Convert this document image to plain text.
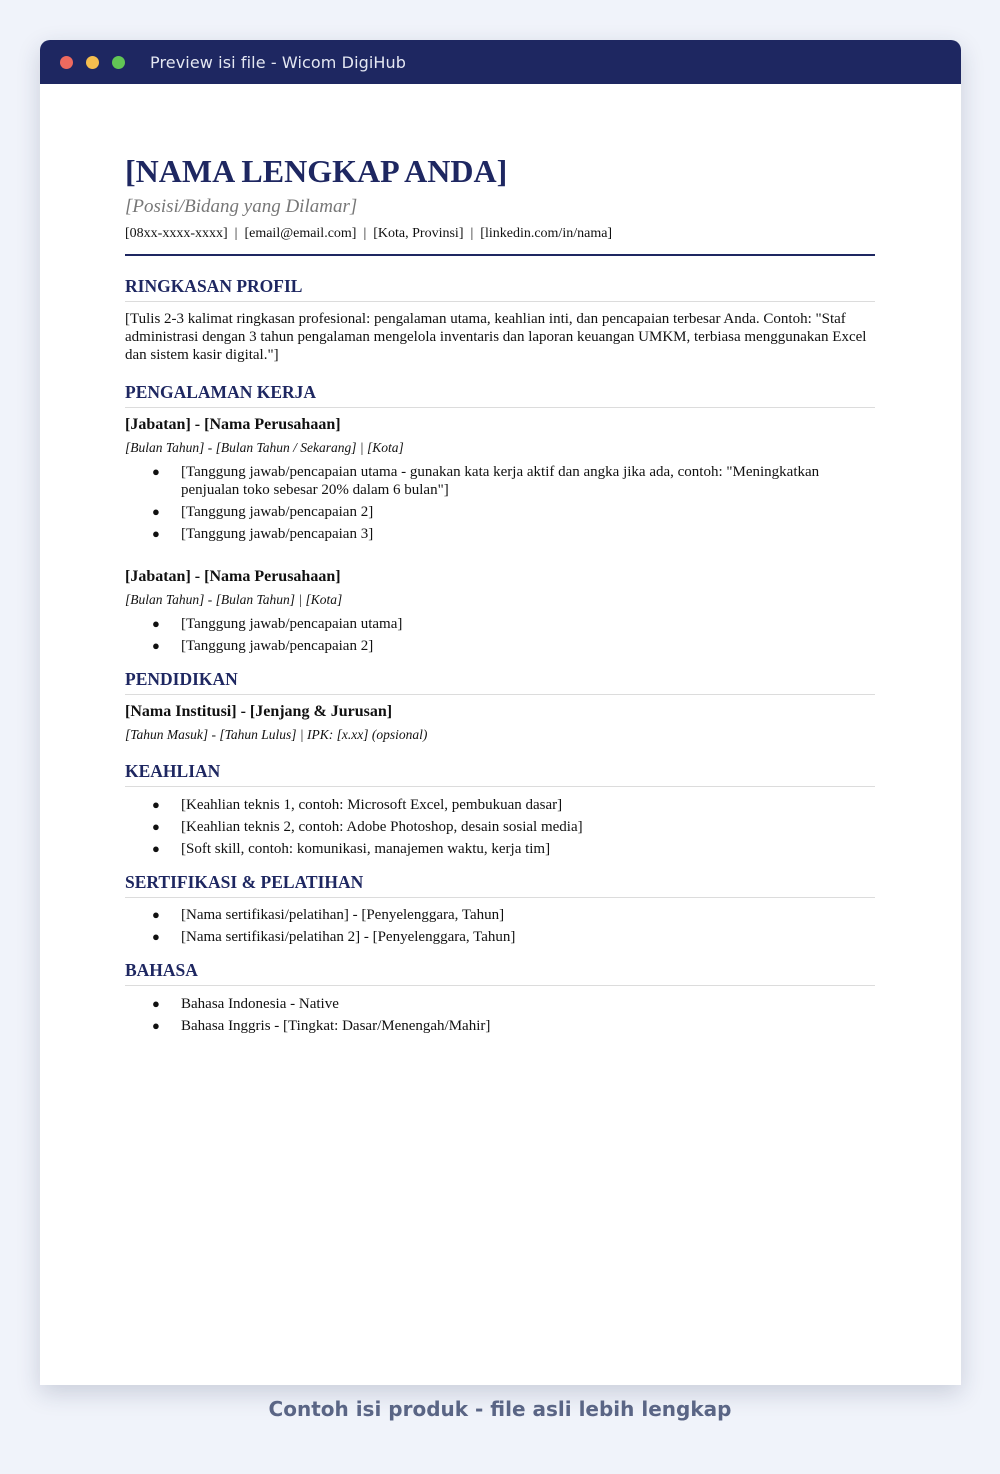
Preview isi file - Wicom DigiHub
[NAMA LENGKAP ANDA]
[Posisi/Bidang yang Dilamar]
[08xx-xxxx-xxxx]  |  [email@email.com]  |  [Kota, Provinsi]  |  [linkedin.com/in/nama]
RINGKASAN PROFIL
[Tulis 2-3 kalimat ringkasan profesional: pengalaman utama, keahlian inti, dan pencapaian terbesar Anda. Contoh: "Staf administrasi dengan 3 tahun pengalaman mengelola inventaris dan laporan keuangan UMKM, terbiasa menggunakan Excel dan sistem kasir digital."]
PENGALAMAN KERJA
[Jabatan] - [Nama Perusahaan]
[Bulan Tahun] - [Bulan Tahun / Sekarang] | [Kota]
● [Tanggung jawab/pencapaian utama - gunakan kata kerja aktif dan angka jika ada, contoh: "Meningkatkan penjualan toko sebesar 20% dalam 6 bulan"]
● [Tanggung jawab/pencapaian 2]
● [Tanggung jawab/pencapaian 3]
[Jabatan] - [Nama Perusahaan]
[Bulan Tahun] - [Bulan Tahun] | [Kota]
● [Tanggung jawab/pencapaian utama]
● [Tanggung jawab/pencapaian 2]
PENDIDIKAN
[Nama Institusi] - [Jenjang & Jurusan]
[Tahun Masuk] - [Tahun Lulus] | IPK: [x.xx] (opsional)
KEAHLIAN
● [Keahlian teknis 1, contoh: Microsoft Excel, pembukuan dasar]
● [Keahlian teknis 2, contoh: Adobe Photoshop, desain sosial media]
● [Soft skill, contoh: komunikasi, manajemen waktu, kerja tim]
SERTIFIKASI & PELATIHAN
● [Nama sertifikasi/pelatihan] - [Penyelenggara, Tahun]
● [Nama sertifikasi/pelatihan 2] - [Penyelenggara, Tahun]
BAHASA
● Bahasa Indonesia - Native
● Bahasa Inggris - [Tingkat: Dasar/Menengah/Mahir]
Contoh isi produk - file asli lebih lengkap
